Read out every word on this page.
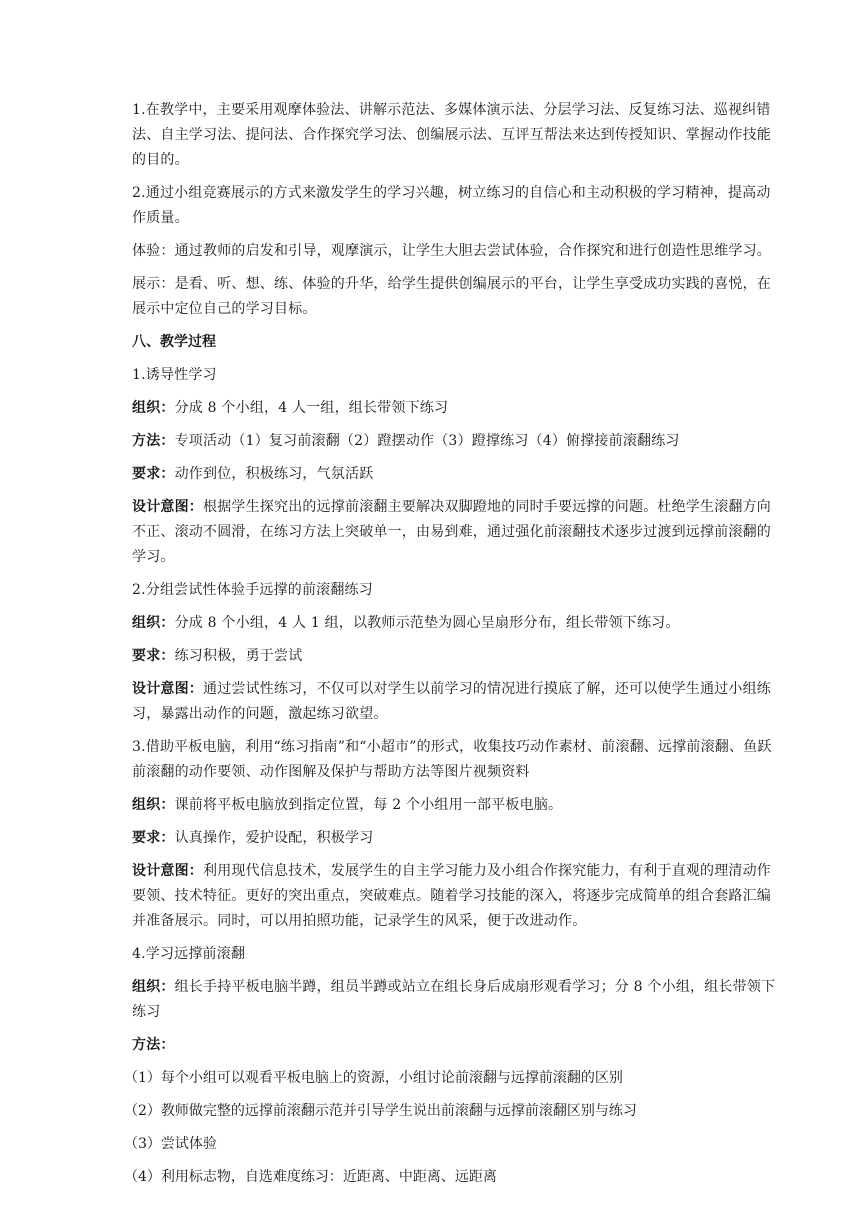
1.在教学中，主要采用观摩体验法、讲解示范法、多媒体演示法、分层学习法、反复练习法、巡视纠错法、自主学习法、提问法、合作探究学习法、创编展示法、互评互帮法来达到传授知识、掌握动作技能的目的。

2.通过小组竞赛展示的方式来激发学生的学习兴趣，树立练习的自信心和主动积极的学习精神，提高动作质量。

体验：通过教师的启发和引导，观摩演示，让学生大胆去尝试体验，合作探究和进行创造性思维学习。

展示：是看、听、想、练、体验的升华，给学生提供创编展示的平台，让学生享受成功实践的喜悦，在展示中定位自己的学习目标。

八、教学过程

1.诱导性学习

组织：分成 8 个小组，4 人一组，组长带领下练习

方法：专项活动（1）复习前滚翻（2）蹬摆动作（3）蹬撑练习（4）俯撑接前滚翻练习

要求：动作到位，积极练习，气氛活跃

设计意图：根据学生探究出的远撑前滚翻主要解决双脚蹬地的同时手要远撑的问题。杜绝学生滚翻方向不正、滚动不圆滑，在练习方法上突破单一，由易到难，通过强化前滚翻技术逐步过渡到远撑前滚翻的学习。

2.分组尝试性体验手远撑的前滚翻练习

组织：分成 8 个小组，4 人 1 组，以教师示范垫为圆心呈扇形分布，组长带领下练习。

要求：练习积极，勇于尝试

设计意图：通过尝试性练习，不仅可以对学生以前学习的情况进行摸底了解，还可以使学生通过小组练习，暴露出动作的问题，激起练习欲望。

3.借助平板电脑，利用“练习指南”和“小超市”的形式，收集技巧动作素材、前滚翻、远撑前滚翻、鱼跃前滚翻的动作要领、动作图解及保护与帮助方法等图片视频资料

组织：课前将平板电脑放到指定位置，每 2 个小组用一部平板电脑。

要求：认真操作，爱护设配，积极学习

设计意图：利用现代信息技术，发展学生的自主学习能力及小组合作探究能力，有利于直观的理清动作要领、技术特征。更好的突出重点，突破难点。随着学习技能的深入，将逐步完成简单的组合套路汇编并准备展示。同时，可以用拍照功能，记录学生的风采，便于改进动作。

4.学习远撑前滚翻

组织：组长手持平板电脑半蹲，组员半蹲或站立在组长身后成扇形观看学习；分 8 个小组，组长带领下练习

方法：

（1）每个小组可以观看平板电脑上的资源，小组讨论前滚翻与远撑前滚翻的区别

（2）教师做完整的远撑前滚翻示范并引导学生说出前滚翻与远撑前滚翻区别与练习

（3）尝试体验

（4）利用标志物，自选难度练习：近距离、中距离、远距离
